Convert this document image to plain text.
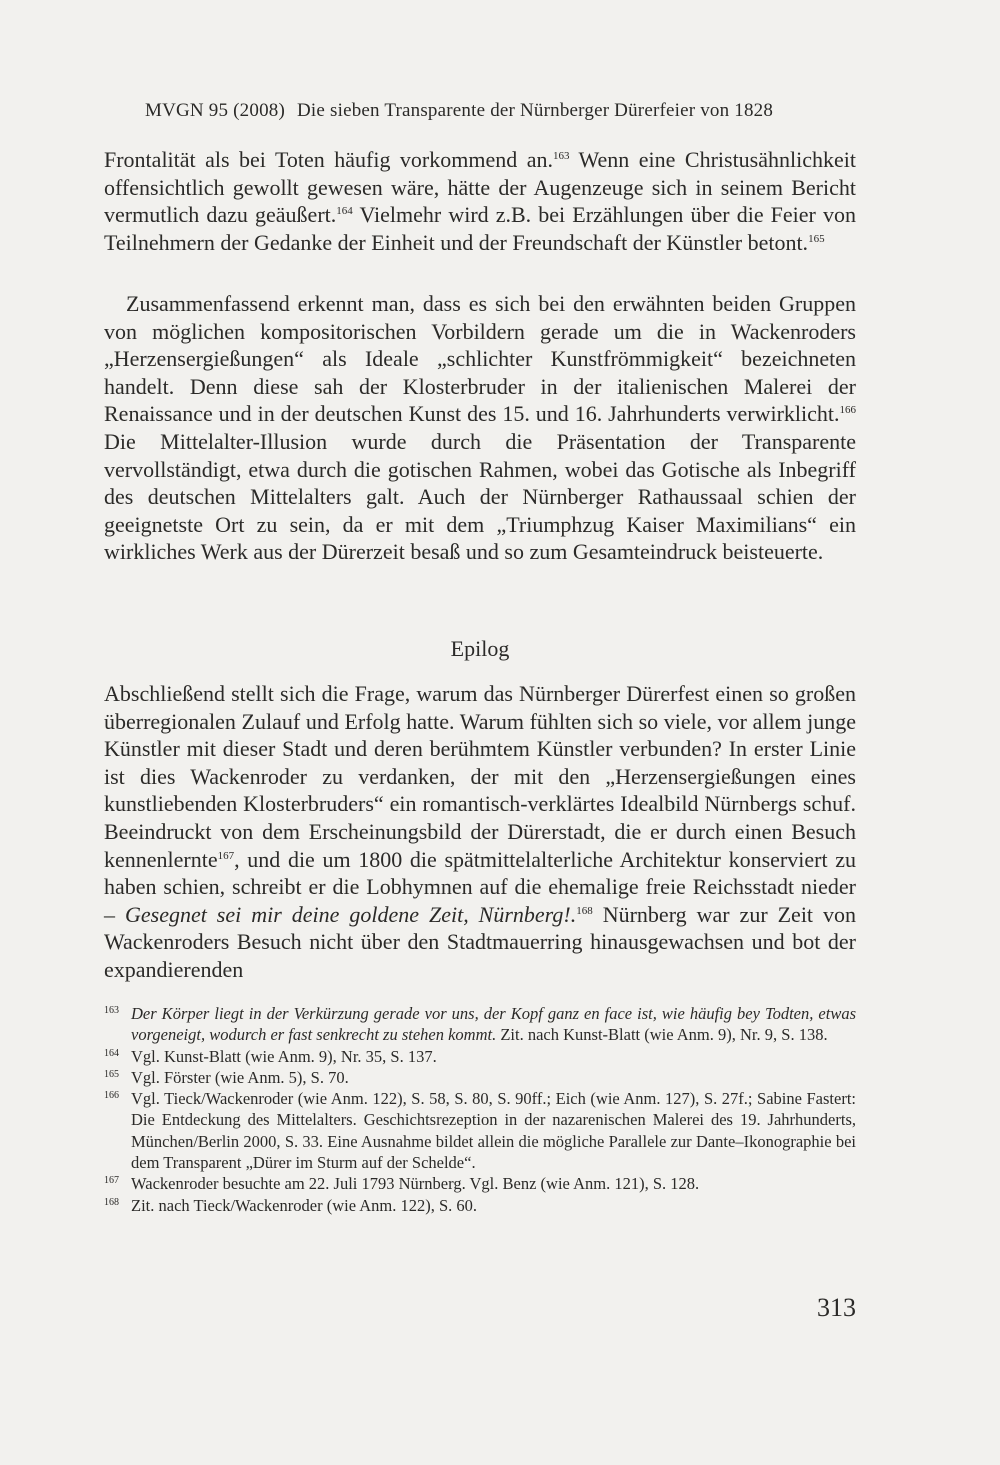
MVGN 95 (2008) Die sieben Transparente der Nürnberger Dürerfeier von 1828

Frontalität als bei Toten häufig vorkommend an.$^{163}$ Wenn eine Christusähnlichkeit offensichtlich gewollt gewesen wäre, hätte der Augenzeuge sich in seinem Bericht vermutlich dazu geäußert.$^{164}$ Vielmehr wird z.B. bei Erzählungen über die Feier von Teilnehmern der Gedanke der Einheit und der Freundschaft der Künstler betont.$^{165}$

Zusammenfassend erkennt man, dass es sich bei den erwähnten beiden Gruppen von möglichen kompositorischen Vorbildern gerade um die in Wackenroders „Herzensergießungen“ als Ideale „schlichter Kunstfrömmigkeit“ bezeichneten handelt. Denn diese sah der Klosterbruder in der italienischen Malerei der Renaissance und in der deutschen Kunst des 15. und 16. Jahrhunderts verwirklicht.$^{166}$ Die Mittelalter-Illusion wurde durch die Präsentation der Transparente vervollständigt, etwa durch die gotischen Rahmen, wobei das Gotische als Inbegriff des deutschen Mittelalters galt. Auch der Nürnberger Rathaussaal schien der geeignetste Ort zu sein, da er mit dem „Triumphzug Kaiser Maximilians“ ein wirkliches Werk aus der Dürerzeit besaß und so zum Gesamteindruck beisteuerte.

Epilog

Abschließend stellt sich die Frage, warum das Nürnberger Dürerfest einen so großen überregionalen Zulauf und Erfolg hatte. Warum fühlten sich so viele, vor allem junge Künstler mit dieser Stadt und deren berühmtem Künstler verbunden? In erster Linie ist dies Wackenroder zu verdanken, der mit den „Herzensergießungen eines kunstliebenden Klosterbruders“ ein romantisch-verklärtes Idealbild Nürnbergs schuf. Beeindruckt von dem Erscheinungsbild der Dürerstadt, die er durch einen Besuch kennenlernte$^{167}$, und die um 1800 die spätmittelalterliche Architektur konserviert zu haben schien, schreibt er die Lobhymnen auf die ehemalige freie Reichsstadt nieder – Gesegnet sei mir deine goldene Zeit, Nürnberg!.$^{168}$ Nürnberg war zur Zeit von Wackenroders Besuch nicht über den Stadtmauerring hinausgewachsen und bot der expandierenden

163 Der Körper liegt in der Verkürzung gerade vor uns, der Kopf ganz en face ist, wie häufig bey Todten, etwas vorgeneigt, wodurch er fast senkrecht zu stehen kommt. Zit. nach Kunst-Blatt (wie Anm. 9), Nr. 9, S. 138.

164 Vgl. Kunst-Blatt (wie Anm. 9), Nr. 35, S. 137.

165 Vgl. Förster (wie Anm. 5), S. 70.

166 Vgl. Tieck/Wackenroder (wie Anm. 122), S. 58, S. 80, S. 90ff.; Eich (wie Anm. 127), S. 27f.; Sabine Fastert: Die Entdeckung des Mittelalters. Geschichtsrezeption in der nazarenischen Malerei des 19. Jahrhunderts, München/Berlin 2000, S. 33. Eine Ausnahme bildet allein die mögliche Parallele zur Dante–Ikonographie bei dem Transparent „Dürer im Sturm auf der Schelde“.

167 Wackenroder besuchte am 22. Juli 1793 Nürnberg. Vgl. Benz (wie Anm. 121), S. 128.

168 Zit. nach Tieck/Wackenroder (wie Anm. 122), S. 60.

313
